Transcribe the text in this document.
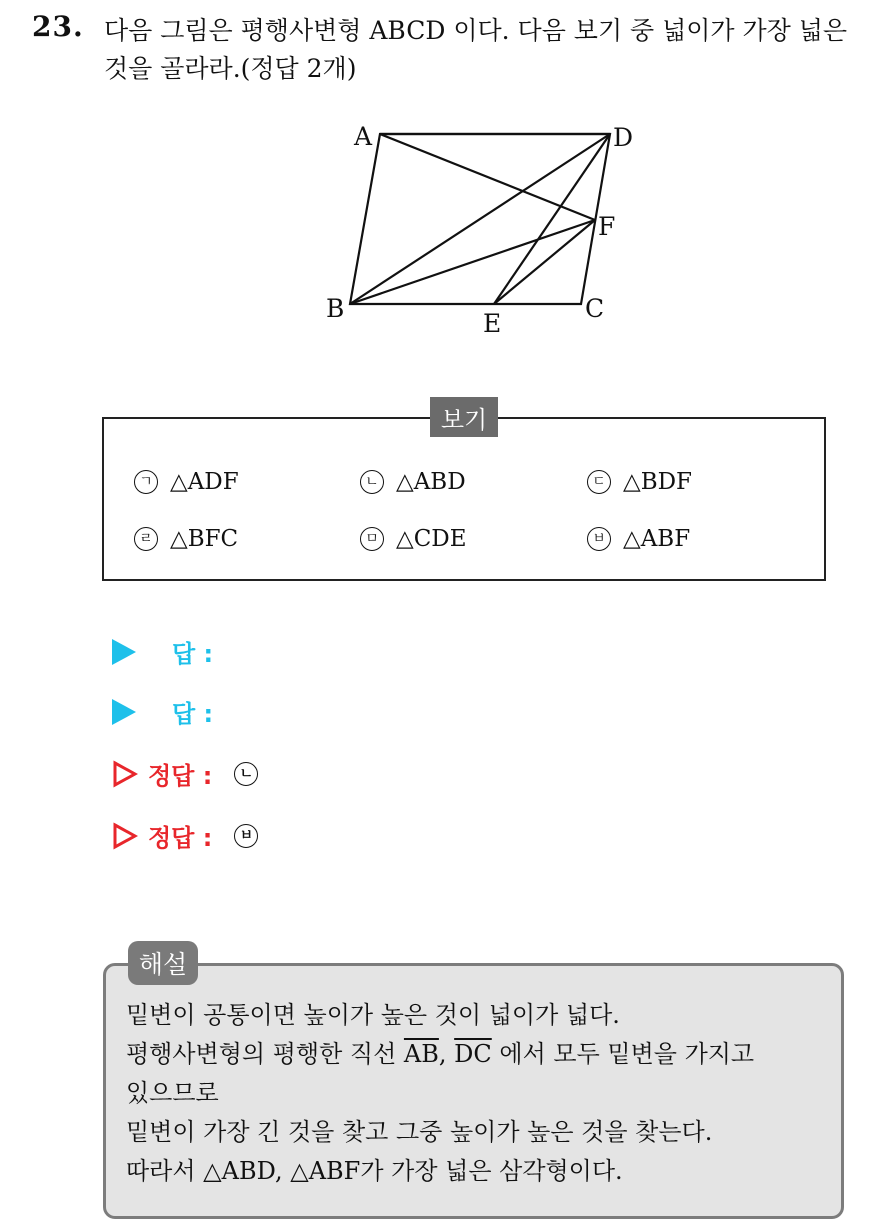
23. 다음 그림은 평행사변형 ABCD 이다. 다음 보기 중 넓이가 가장 넓은
것을 골라라.(정답 2개)
A	D
F
B
E
C
보기
ㄱ △ADF	ㄴ △ABD	ㄷ △BDF
ㄹ △BFC	ㅁ △CDE	ㅂ △ABF
답 :
답 :
정답 :	ㄴ
정답 :	ㅂ
해설
밑변이 공통이면 높이가 높은 것이 넓이가 넓다.
평행사변형의 평행한 직선 $\overline{AB}$, $\overline{DC}$ 에서 모두 밑변을 가지고
있으므로
밑변이 가장 긴 것을 찾고 그중 높이가 높은 것을 찾는다.
따라서 △ABD, △ABF가 가장 넓은 삼각형이다.
